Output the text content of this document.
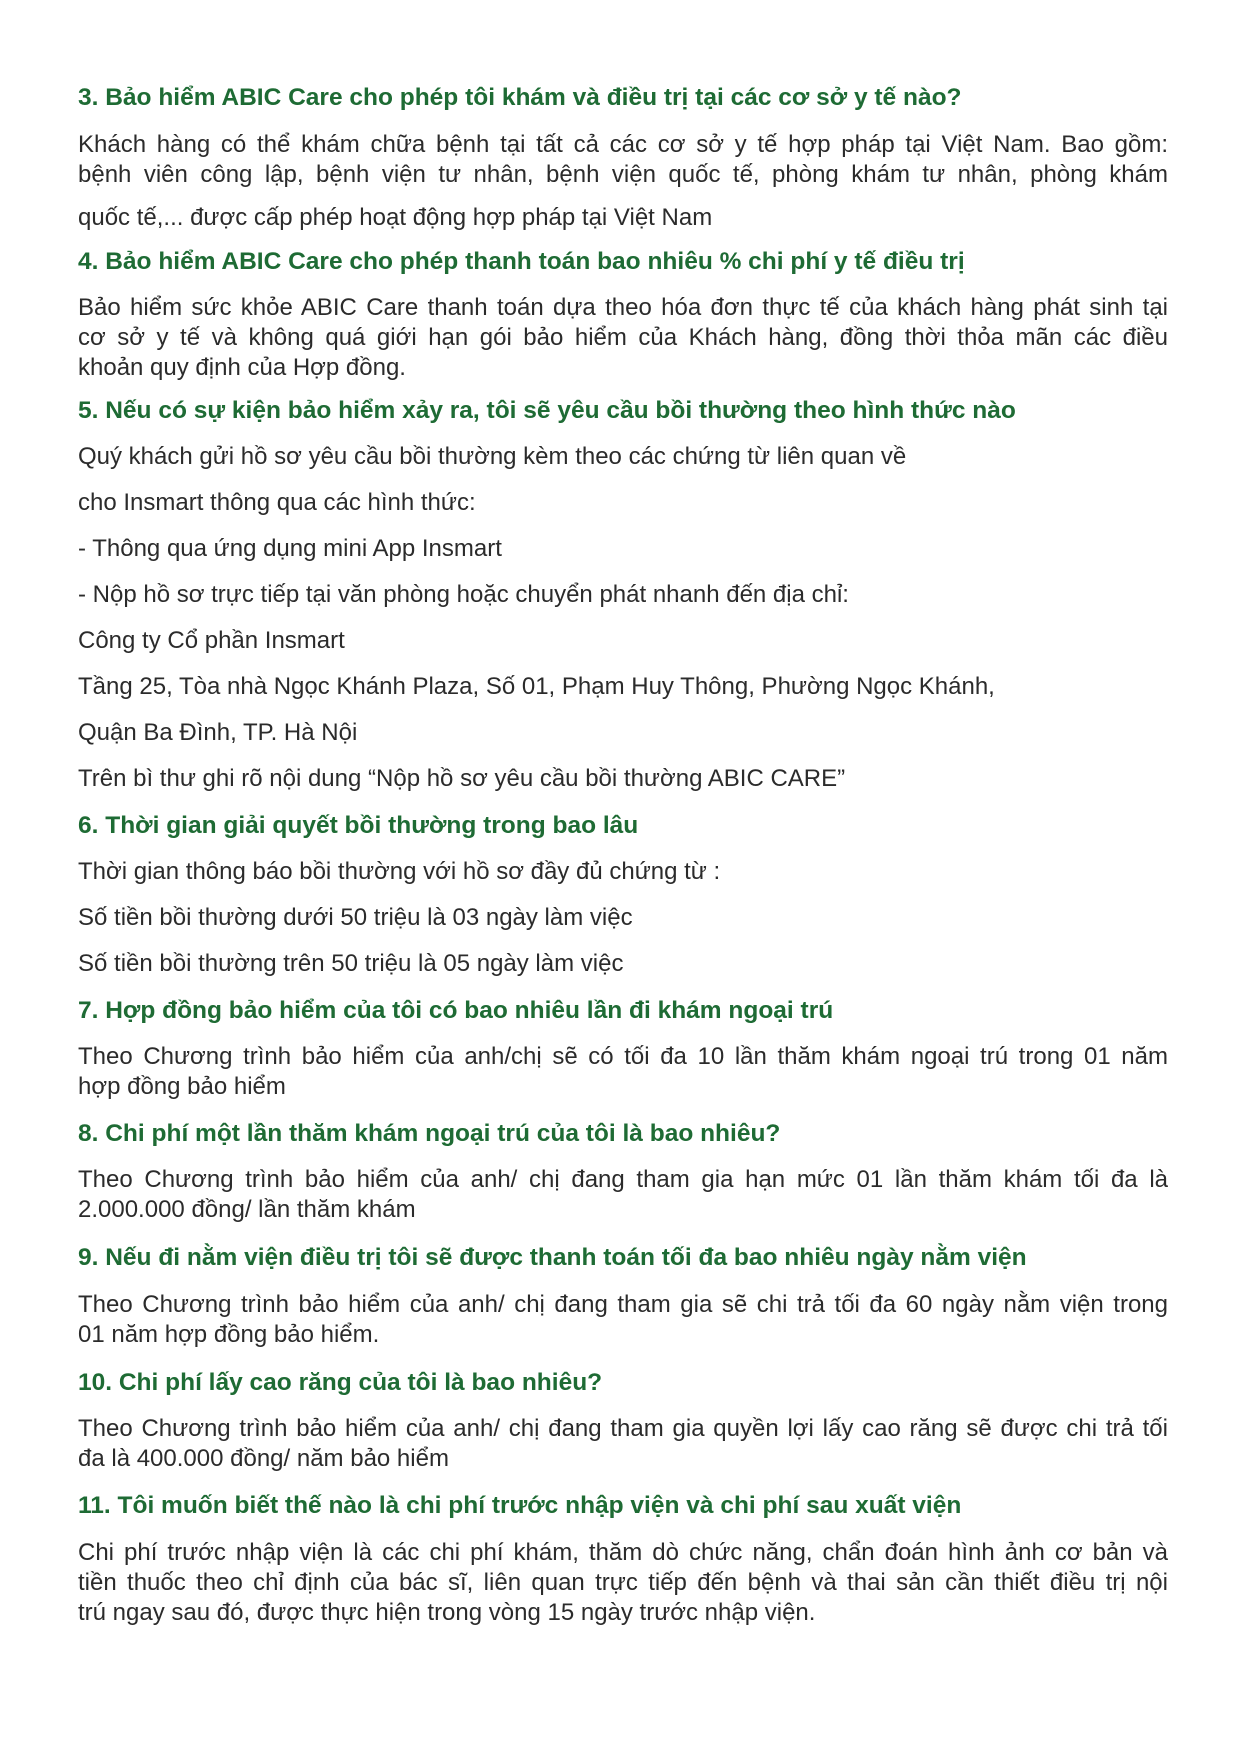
3. Bảo hiểm ABIC Care cho phép tôi khám và điều trị tại các cơ sở y tế nào?
Khách hàng có thể khám chữa bệnh tại tất cả các cơ sở y tế hợp pháp tại Việt Nam. Bao gồm:
bệnh viên công lập, bệnh viện tư nhân, bệnh viện quốc tế, phòng khám tư nhân, phòng khám
quốc tế,... được cấp phép hoạt động hợp pháp tại Việt Nam
4. Bảo hiểm ABIC Care cho phép thanh toán bao nhiêu % chi phí y tế điều trị
Bảo hiểm sức khỏe ABIC Care thanh toán dựa theo hóa đơn thực tế của khách hàng phát sinh tại
cơ sở y tế và không quá giới hạn gói bảo hiểm của Khách hàng, đồng thời thỏa mãn các điều
khoản quy định của Hợp đồng.
5. Nếu có sự kiện bảo hiểm xảy ra, tôi sẽ yêu cầu bồi thường theo hình thức nào
Quý khách gửi hồ sơ yêu cầu bồi thường kèm theo các chứng từ liên quan về
cho Insmart thông qua các hình thức:
- Thông qua ứng dụng mini App Insmart
- Nộp hồ sơ trực tiếp tại văn phòng hoặc chuyển phát nhanh đến địa chỉ:
Công ty Cổ phần Insmart
Tầng 25, Tòa nhà Ngọc Khánh Plaza, Số 01, Phạm Huy Thông, Phường Ngọc Khánh,
Quận Ba Đình, TP. Hà Nội
Trên bì thư ghi rõ nội dung “Nộp hồ sơ yêu cầu bồi thường ABIC CARE”
6. Thời gian giải quyết bồi thường trong bao lâu
Thời gian thông báo bồi thường với hồ sơ đầy đủ chứng từ :
Số tiền bồi thường dưới 50 triệu là 03 ngày làm việc
Số tiền bồi thường trên 50 triệu là 05 ngày làm việc
7. Hợp đồng bảo hiểm của tôi có bao nhiêu lần đi khám ngoại trú
Theo Chương trình bảo hiểm của anh/chị sẽ có tối đa 10 lần thăm khám ngoại trú trong 01 năm
hợp đồng bảo hiểm
8. Chi phí một lần thăm khám ngoại trú của tôi là bao nhiêu?
Theo Chương trình bảo hiểm của anh/ chị đang tham gia hạn mức 01 lần thăm khám tối đa là
2.000.000 đồng/ lần thăm khám
9. Nếu đi nằm viện điều trị tôi sẽ được thanh toán tối đa bao nhiêu ngày nằm viện
Theo Chương trình bảo hiểm của anh/ chị đang tham gia sẽ chi trả tối đa 60 ngày nằm viện trong
01 năm hợp đồng bảo hiểm.
10. Chi phí lấy cao răng của tôi là bao nhiêu?
Theo Chương trình bảo hiểm của anh/ chị đang tham gia quyền lợi lấy cao răng sẽ được chi trả tối
đa là 400.000 đồng/ năm bảo hiểm
11. Tôi muốn biết thế nào là chi phí trước nhập viện và chi phí sau xuất viện
Chi phí trước nhập viện là các chi phí khám, thăm dò chức năng, chẩn đoán hình ảnh cơ bản và
tiền thuốc theo chỉ định của bác sĩ, liên quan trực tiếp đến bệnh và thai sản cần thiết điều trị nội
trú ngay sau đó, được thực hiện trong vòng 15 ngày trước nhập viện.
